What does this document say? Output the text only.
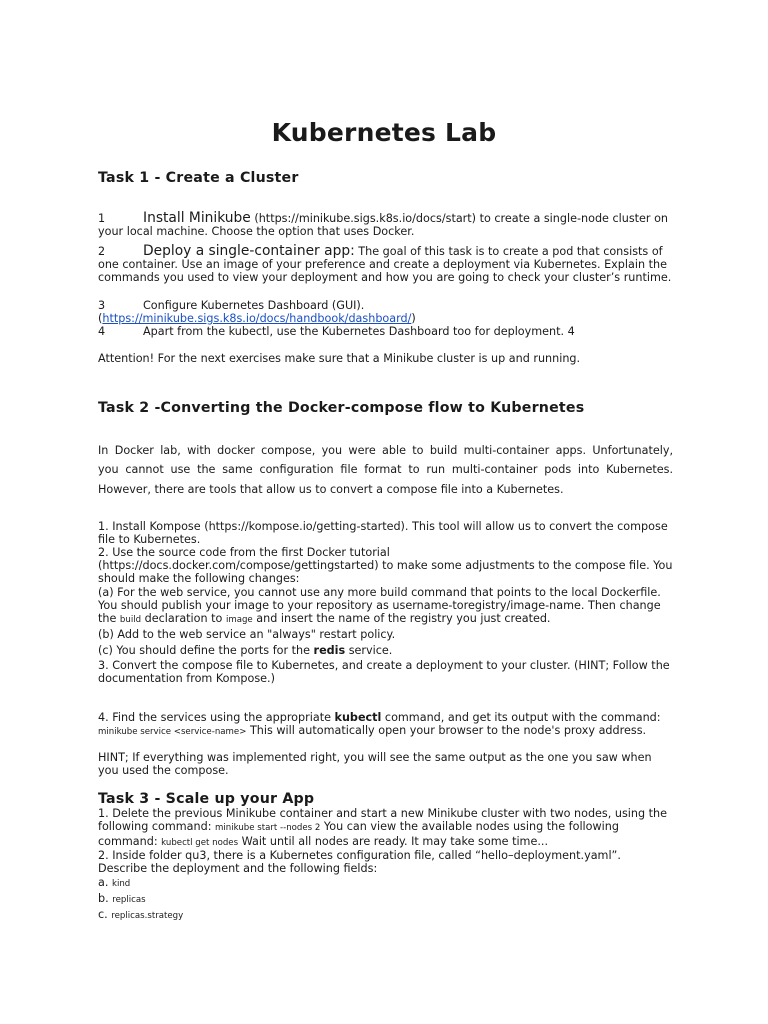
Kubernetes Lab
Task 1 - Create a Cluster
1	Install Minikube (https://minikube.sigs.k8s.io/docs/start) to create a single-node cluster on your local machine. Choose the option that uses Docker.
2	Deploy a single-container app: The goal of this task is to create a pod that consists of one container. Use an image of your preference and create a deployment via Kubernetes. Explain the commands you used to view your deployment and how you are going to check your cluster’s runtime.
3	Configure Kubernetes Dashboard (GUI).
(https://minikube.sigs.k8s.io/docs/handbook/dashboard/)
4	Apart from the kubectl, use the Kubernetes Dashboard too for deployment. 4
Attention! For the next exercises make sure that a Minikube cluster is up and running.
Task 2 -Converting the Docker-compose flow to Kubernetes
In Docker lab, with docker compose, you were able to build multi-container apps. Unfortunately,
you cannot use the same configuration file format to run multi-container pods into Kubernetes.
However, there are tools that allow us to convert a compose file into a Kubernetes.
1. Install Kompose (https://kompose.io/getting-started). This tool will allow us to convert the compose file to Kubernetes.
2. Use the source code from the first Docker tutorial (https://docs.docker.com/compose/gettingstarted) to make some adjustments to the compose file. You should make the following changes:
(a) For the web service, you cannot use any more build command that points to the local Dockerfile. You should publish your image to your repository as username-toregistry/image-name. Then change the build declaration to image and insert the name of the registry you just created.
(b) Add to the web service an "always" restart policy.
(c) You should define the ports for the redis service.
3. Convert the compose file to Kubernetes, and create a deployment to your cluster. (HINT; Follow the documentation from Kompose.)
4. Find the services using the appropriate kubectl command, and get its output with the command: minikube service <service-name> This will automatically open your browser to the node's proxy address.
HINT; If everything was implemented right, you will see the same output as the one you saw when you used the compose.
Task 3 - Scale up your App
1. Delete the previous Minikube container and start a new Minikube cluster with two nodes, using the following command: minikube start --nodes 2 You can view the available nodes using the following command: kubectl get nodes Wait until all nodes are ready. It may take some time...
2. Inside folder qu3, there is a Kubernetes configuration file, called “hello–deployment.yaml”. Describe the deployment and the following fields:
a. kind
b. replicas
c. replicas.strategy
